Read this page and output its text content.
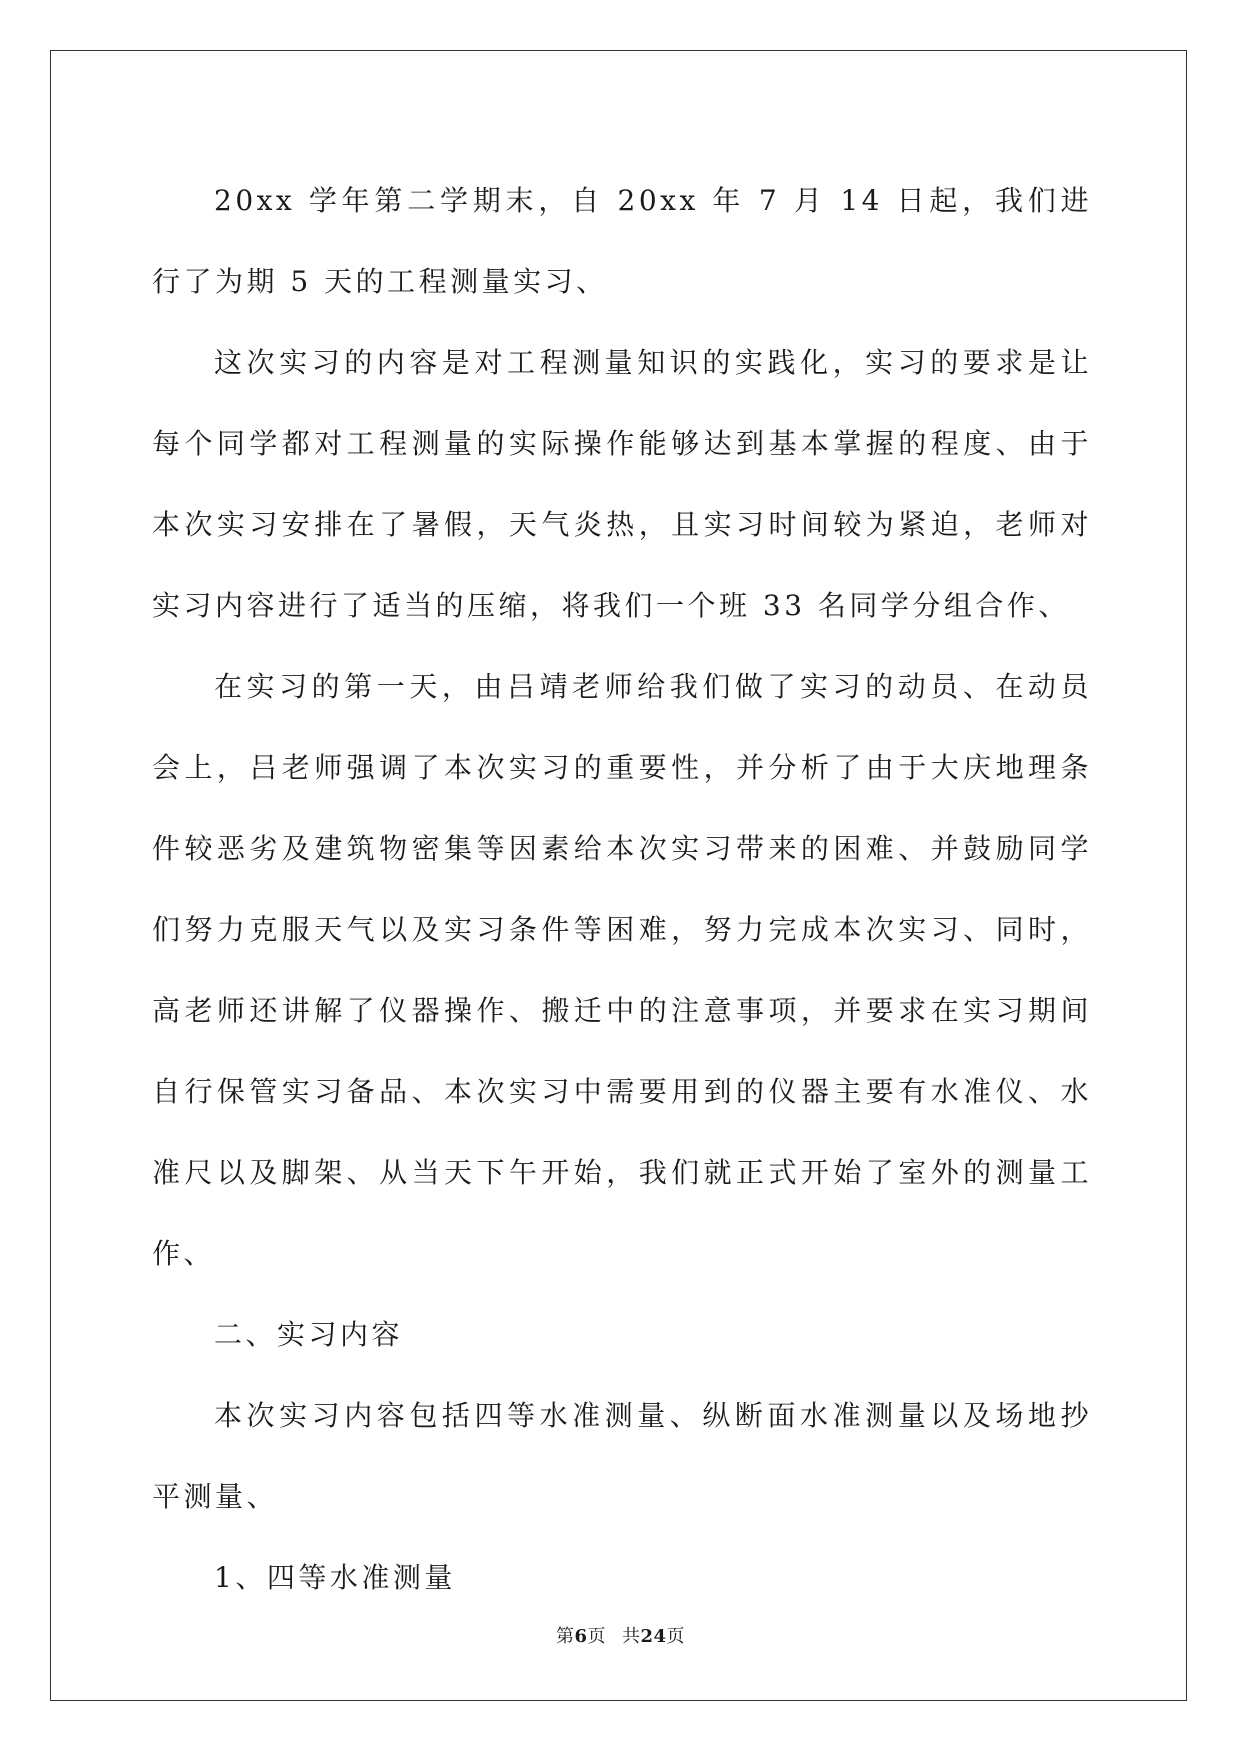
20xx 学年第二学期末，自 20xx 年 7 月 14 日起，我们进行了为期 5 天的工程测量实习、

这次实习的内容是对工程测量知识的实践化，实习的要求是让每个同学都对工程测量的实际操作能够达到基本掌握的程度、由于本次实习安排在了暑假，天气炎热，且实习时间较为紧迫，老师对实习内容进行了适当的压缩，将我们一个班 33 名同学分组合作、

在实习的第一天，由吕靖老师给我们做了实习的动员、在动员会上，吕老师强调了本次实习的重要性，并分析了由于大庆地理条件较恶劣及建筑物密集等因素给本次实习带来的困难、并鼓励同学们努力克服天气以及实习条件等困难，努力完成本次实习、同时，高老师还讲解了仪器操作、搬迁中的注意事项，并要求在实习期间自行保管实习备品、本次实习中需要用到的仪器主要有水准仪、水准尺以及脚架、从当天下午开始，我们就正式开始了室外的测量工作、

二、实习内容

本次实习内容包括四等水准测量、纵断面水准测量以及场地抄平测量、

1、四等水准测量

第6页 共24页
